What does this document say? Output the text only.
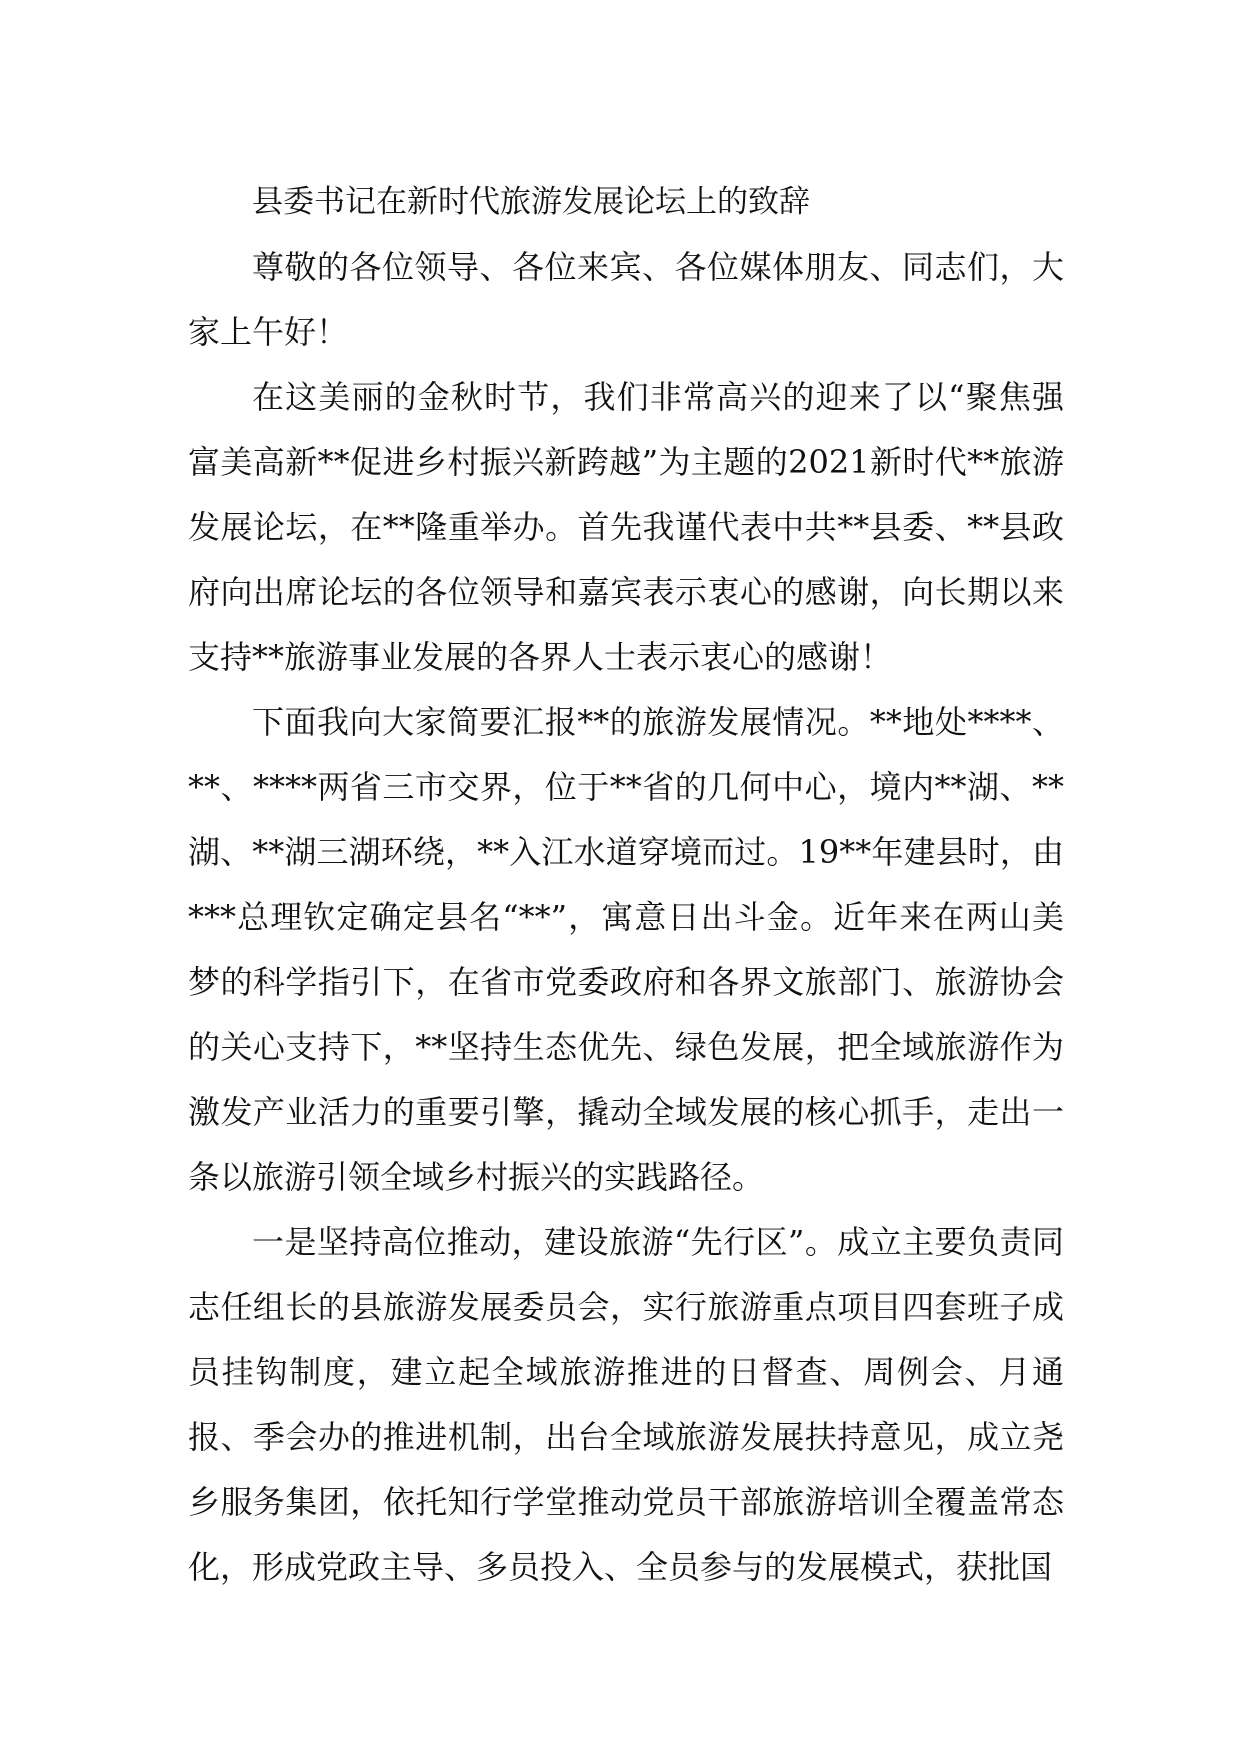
县委书记在新时代旅游发展论坛上的致辞

尊敬的各位领导、各位来宾、各位媒体朋友、同志们，大家上午好！

在这美丽的金秋时节，我们非常高兴的迎来了以“聚焦强富美高新**促进乡村振兴新跨越”为主题的2021新时代**旅游发展论坛，在**隆重举办。首先我谨代表中共**县委、**县政府向出席论坛的各位领导和嘉宾表示衷心的感谢，向长期以来支持**旅游事业发展的各界人士表示衷心的感谢！

下面我向大家简要汇报**的旅游发展情况。**地处****、**、****两省三市交界，位于**省的几何中心，境内**湖、**湖、**湖三湖环绕，**入江水道穿境而过。19**年建县时，由***总理钦定确定县名“**”，寓意日出斗金。近年来在两山美梦的科学指引下，在省市党委政府和各界文旅部门、旅游协会的关心支持下，**坚持生态优先、绿色发展，把全域旅游作为激发产业活力的重要引擎，撬动全域发展的核心抓手，走出一条以旅游引领全域乡村振兴的实践路径。

一是坚持高位推动，建设旅游“先行区”。成立主要负责同志任组长的县旅游发展委员会，实行旅游重点项目四套班子成员挂钩制度，建立起全域旅游推进的日督查、周例会、月通报、季会办的推进机制，出台全域旅游发展扶持意见，成立尧乡服务集团，依托知行学堂推动党员干部旅游培训全覆盖常态化，形成党政主导、多员投入、全员参与的发展模式，获批国
